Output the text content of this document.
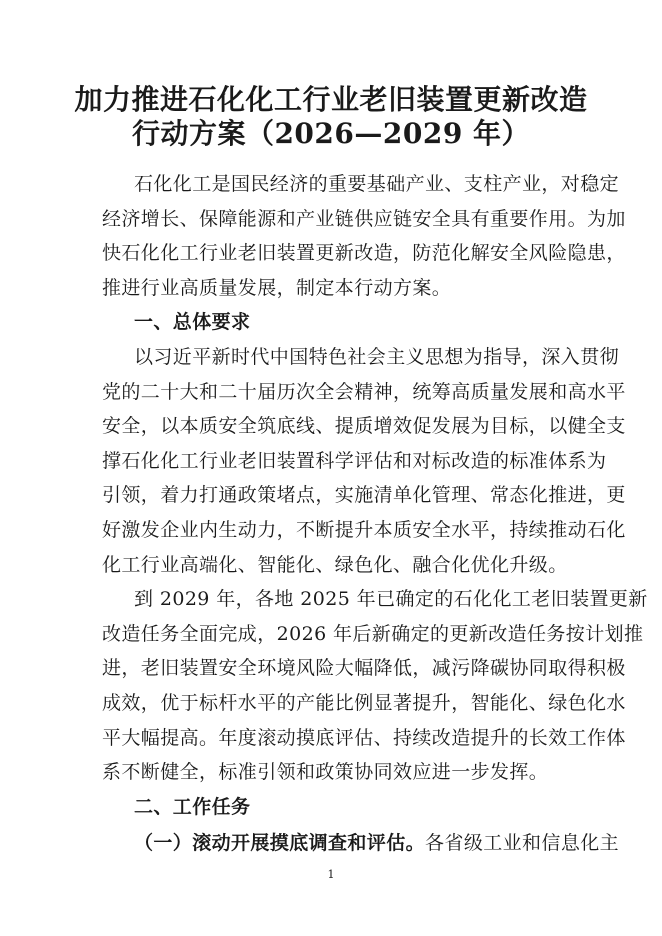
加力推进石化化工行业老旧装置更新改造
行动方案（2026—2029 年）
石化化工是国民经济的重要基础产业、支柱产业，对稳定
经济增长、保障能源和产业链供应链安全具有重要作用。为加
快石化化工行业老旧装置更新改造，防范化解安全风险隐患，
推进行业高质量发展，制定本行动方案。
一、总体要求
以习近平新时代中国特色社会主义思想为指导，深入贯彻
党的二十大和二十届历次全会精神，统筹高质量发展和高水平
安全，以本质安全筑底线、提质增效促发展为目标，以健全支
撑石化化工行业老旧装置科学评估和对标改造的标准体系为
引领，着力打通政策堵点，实施清单化管理、常态化推进，更
好激发企业内生动力，不断提升本质安全水平，持续推动石化
化工行业高端化、智能化、绿色化、融合化优化升级。
到 2029 年，各地 2025 年已确定的石化化工老旧装置更新
改造任务全面完成，2026 年后新确定的更新改造任务按计划推
进，老旧装置安全环境风险大幅降低，减污降碳协同取得积极
成效，优于标杆水平的产能比例显著提升，智能化、绿色化水
平大幅提高。年度滚动摸底评估、持续改造提升的长效工作体
系不断健全，标准引领和政策协同效应进一步发挥。
二、工作任务
（一）滚动开展摸底调查和评估。各省级工业和信息化主
1
